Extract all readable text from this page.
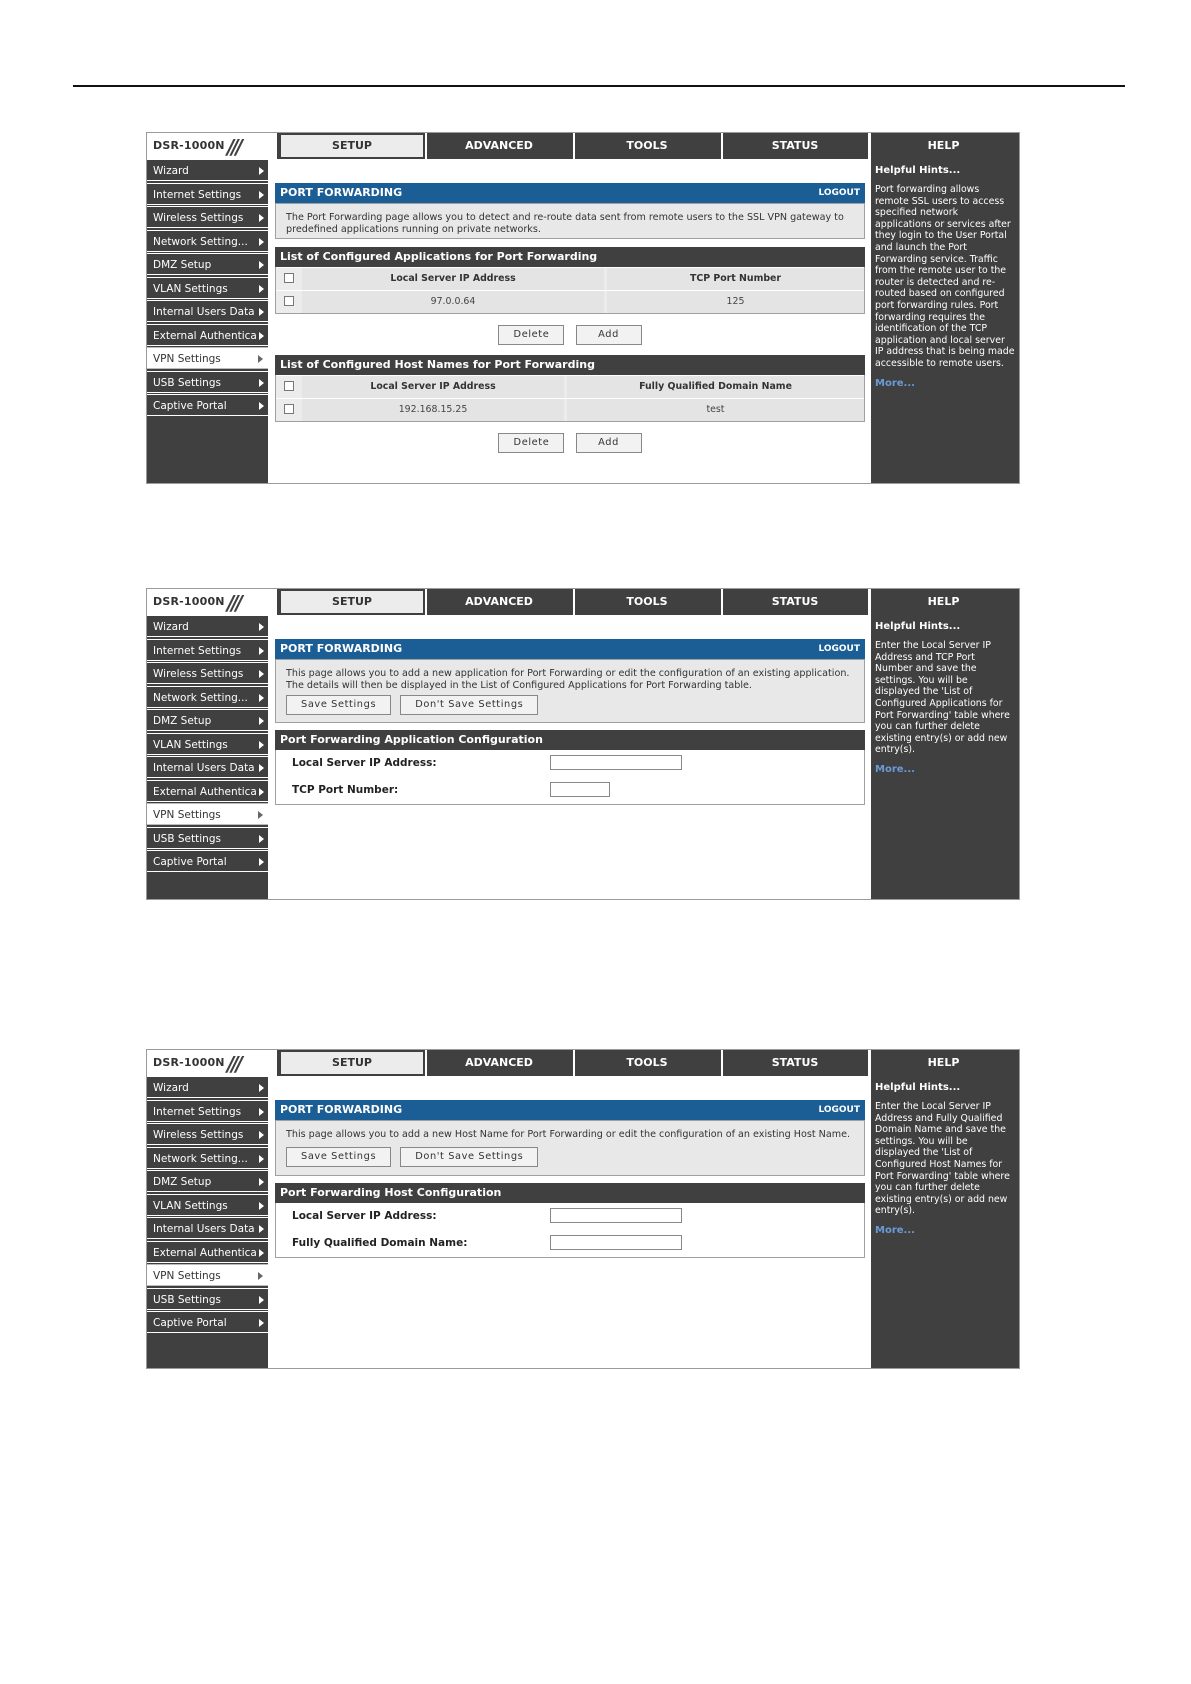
DSR-1000N ///	SETUP	ADVANCED	TOOLS	STATUS	HELP
Wizard
Internet Settings
Wireless Settings
Network Setting...
DMZ Setup
VLAN Settings
Internal Users Data
External Authentica
VPN Settings
USB Settings
Captive Portal
PORT FORWARDING	LOGOUT
The Port Forwarding page allows you to detect and re-route data sent from remote users to the SSL VPN gateway to predefined applications running on private networks.
List of Configured Applications for Port Forwarding
Local Server IP Address	TCP Port Number
97.0.0.64	125
Delete	Add
List of Configured Host Names for Port Forwarding
Local Server IP Address	Fully Qualified Domain Name
192.168.15.25	test
Delete	Add
Helpful Hints...
Port forwarding allows remote SSL users to access specified network applications or services after they login to the User Portal and launch the Port Forwarding service. Traffic from the remote user to the router is detected and re-routed based on configured port forwarding rules. Port forwarding requires the identification of the TCP application and local server IP address that is being made accessible to remote users.
More...
DSR-1000N ///	SETUP	ADVANCED	TOOLS	STATUS	HELP
Wizard
Internet Settings
Wireless Settings
Network Setting...
DMZ Setup
VLAN Settings
Internal Users Data
External Authentica
VPN Settings
USB Settings
Captive Portal
PORT FORWARDING	LOGOUT
This page allows you to add a new application for Port Forwarding or edit the configuration of an existing application. The details will then be displayed in the List of Configured Applications for Port Forwarding table.
Save Settings	Don't Save Settings
Port Forwarding Application Configuration
Local Server IP Address:
TCP Port Number:
Helpful Hints...
Enter the Local Server IP Address and TCP Port Number and save the settings. You will be displayed the 'List of Configured Applications for Port Forwarding' table where you can further delete existing entry(s) or add new entry(s).
More...
DSR-1000N ///	SETUP	ADVANCED	TOOLS	STATUS	HELP
Wizard
Internet Settings
Wireless Settings
Network Setting...
DMZ Setup
VLAN Settings
Internal Users Data
External Authentica
VPN Settings
USB Settings
Captive Portal
PORT FORWARDING	LOGOUT
This page allows you to add a new Host Name for Port Forwarding or edit the configuration of an existing Host Name.
Save Settings	Don't Save Settings
Port Forwarding Host Configuration
Local Server IP Address:
Fully Qualified Domain Name:
Helpful Hints...
Enter the Local Server IP Address and Fully Qualified Domain Name and save the settings. You will be displayed the 'List of Configured Host Names for Port Forwarding' table where you can further delete existing entry(s) or add new entry(s).
More...
